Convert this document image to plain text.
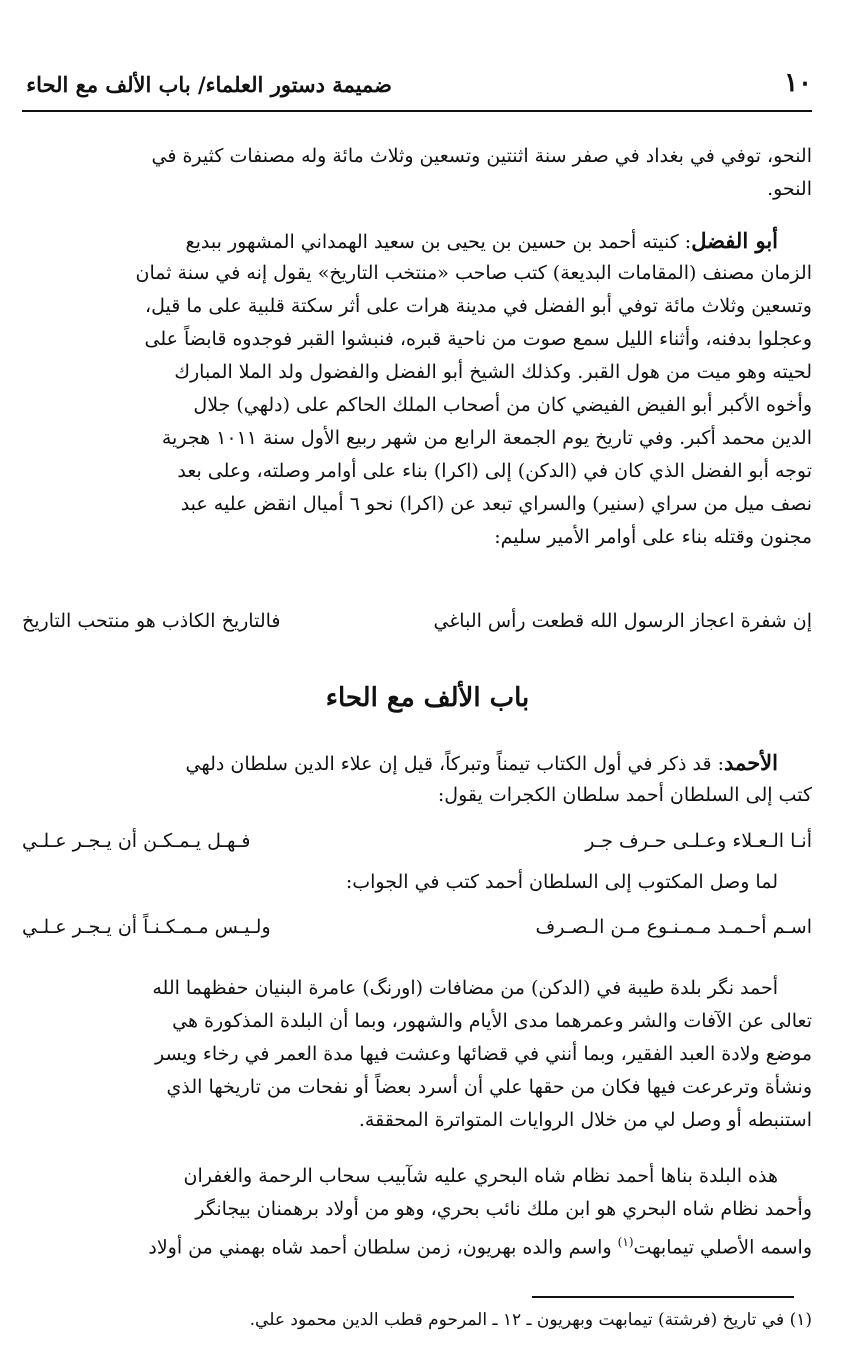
١٠
ضميمة دستور العلماء/ باب الألف مع الحاء
النحو، توفي في بغداد في صفر سنة اثنتين وتسعين وثلاث مائة وله مصنفات كثيرة في
النحو.
أبو الفضل: كنيته أحمد بن حسين بن يحيى بن سعيد الهمداني المشهور ببديع
الزمان مصنف (المقامات البديعة) كتب صاحب «منتخب التاريخ» يقول إنه في سنة ثمان
وتسعين وثلاث مائة توفي أبو الفضل في مدينة هرات على أثر سكتة قلبية على ما قيل،
وعجلوا بدفنه، وأثناء الليل سمع صوت من ناحية قبره، فنبشوا القبر فوجدوه قابضاً على
لحيته وهو ميت من هول القبر. وكذلك الشيخ أبو الفضل والفضول ولد الملا المبارك
وأخوه الأكبر أبو الفيض الفيضي كان من أصحاب الملك الحاكم على (دلهي) جلال
الدين محمد أكبر. وفي تاريخ يوم الجمعة الرابع من شهر ربيع الأول سنة ١٠١١ هجرية
توجه أبو الفضل الذي كان في (الدكن) إلى (اكرا) بناء على أوامر وصلته، وعلى بعد
نصف ميل من سراي (سنير) والسراي تبعد عن (اكرا) نحو ٦ أميال انقض عليه عبد
مجنون وقتله بناء على أوامر الأمير سليم:
إن شفرة اعجاز الرسول الله قطعت رأس الباغي
فالتاريخ الكاذب هو منتحب التاريخ
باب الألف مع الحاء
الأحمد: قد ذكر في أول الكتاب تيمناً وتبركاً، قيل إن علاء الدين سلطان دلهي
كتب إلى السلطان أحمد سلطان الكجرات يقول:
أنـا الـعـلاء وعـلـى حـرف جـر
فـهـل يـمـكـن أن يـجـر عـلـي
لما وصل المكتوب إلى السلطان أحمد كتب في الجواب:
اسـم أحـمـد مـمـنـوع مـن الـصـرف
ولـيـس مـمـكـنـاً أن يـجـر عـلـي
أحمد نگر بلدة طيبة في (الدكن) من مضافات (اورنگ) عامرة البنيان حفظهما الله
تعالى عن الآفات والشر وعمرهما مدى الأيام والشهور، وبما أن البلدة المذكورة هي
موضع ولادة العبد الفقير، وبما أنني في قضائها وعشت فيها مدة العمر في رخاء ويسر
ونشأة وترعرعت فيها فكان من حقها علي أن أسرد بعضاً أو نفحات من تاريخها الذي
استنبطه أو وصل لي من خلال الروايات المتواترة المحققة.
هذه البلدة بناها أحمد نظام شاه البحري عليه شآبيب سحاب الرحمة والغفران
وأحمد نظام شاه البحري هو ابن ملك نائب بحري، وهو من أولاد برهمنان بيجانگر
واسمه الأصلي تيمابهت$^{(١)}$ واسم والده بهريون، زمن سلطان أحمد شاه بهمني من أولاد
(١) في تاريخ (فرشتة) تيمابهت وبهريون ـ ١٢ ـ المرحوم قطب الدين محمود علي.
